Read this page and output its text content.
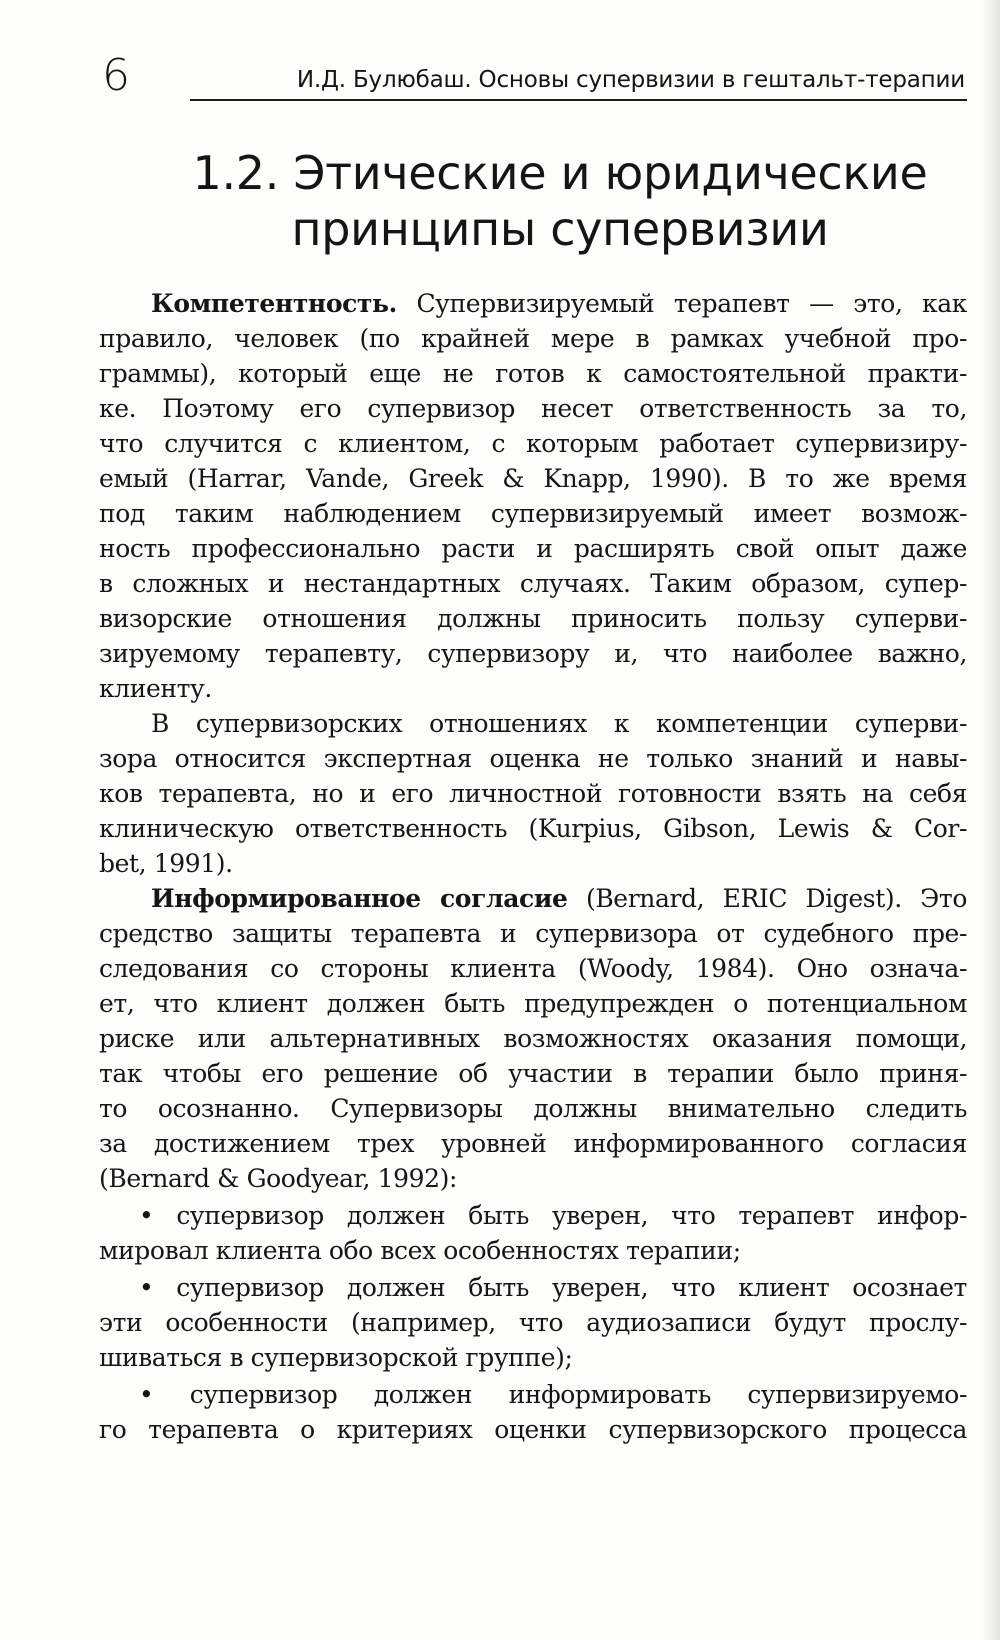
6	И.Д. Булюбаш. Основы супервизии в гештальт-терапии
1.2. Этические и юридические
принципы супервизии
Компетентность. Супервизируемый терапевт — это, как
правило, человек (по крайней мере в рамках учебной про-
граммы), который еще не готов к самостоятельной практи-
ке. Поэтому его супервизор несет ответственность за то,
что случится с клиентом, с которым работает супервизиру-
емый (Harrar, Vande, Greek & Knapp, 1990). В то же время
под таким наблюдением супервизируемый имеет возмож-
ность профессионально расти и расширять свой опыт даже
в сложных и нестандартных случаях. Таким образом, супер-
визорские отношения должны приносить пользу суперви-
зируемому терапевту, супервизору и, что наиболее важно,
клиенту.
В супервизорских отношениях к компетенции суперви-
зора относится экспертная оценка не только знаний и навы-
ков терапевта, но и его личностной готовности взять на себя
клиническую ответственность (Kurpius, Gibson, Lewis & Cor-
bet, 1991).
Информированное согласие (Bernard, ERIC Digest). Это
средство защиты терапевта и супервизора от судебного пре-
следования со стороны клиента (Woody, 1984). Оно означа-
ет, что клиент должен быть предупрежден о потенциальном
риске или альтернативных возможностях оказания помощи,
так чтобы его решение об участии в терапии было приня-
то осознанно. Супервизоры должны внимательно следить
за достижением трех уровней информированного согласия
(Bernard & Goodyear, 1992):
• супервизор должен быть уверен, что терапевт инфор-
мировал клиента обо всех особенностях терапии;
• супервизор должен быть уверен, что клиент осознает
эти особенности (например, что аудиозаписи будут прослу-
шиваться в супервизорской группе);
• супервизор должен информировать супервизируемо-
го терапевта о критериях оценки супервизорского процесса
